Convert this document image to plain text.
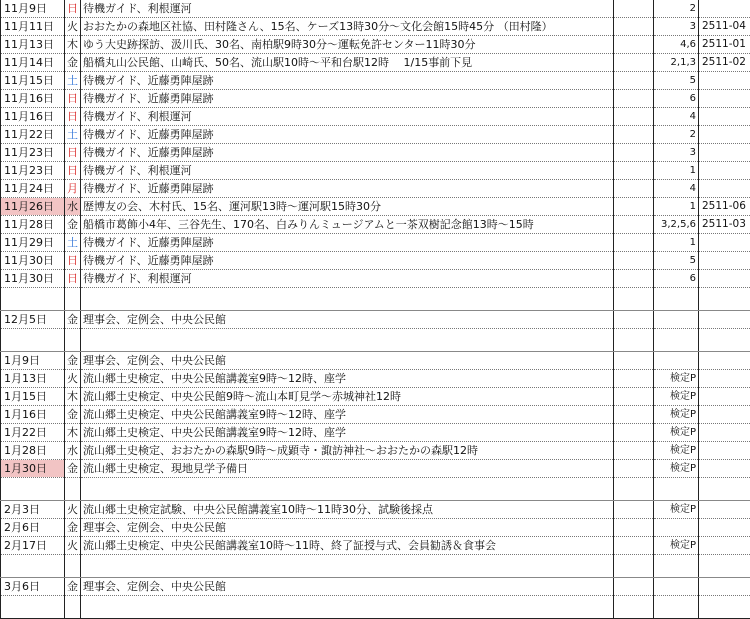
11月9日	日	待機ガイド、利根運河		2	
11月11日	火	おおたかの森地区社協、田村隆さん、15名、ケーズ13時30分～文化会館15時45分 （田村隆）		3	2511-04
11月13日	木	ゆう大史跡探訪、汲川氏、30名、南柏駅9時30分～運転免許センター11時30分		4,6	2511-01
11月14日	金	船橋丸山公民館、山崎氏、50名、流山駅10時～平和台駅12時　 1/15事前下見		2,1,3	2511-02
11月15日	土	待機ガイド、近藤勇陣屋跡		5	
11月16日	日	待機ガイド、近藤勇陣屋跡		6	
11月16日	日	待機ガイド、利根運河		4	
11月22日	土	待機ガイド、近藤勇陣屋跡		2	
11月23日	日	待機ガイド、近藤勇陣屋跡		3	
11月23日	日	待機ガイド、利根運河		1	
11月24日	月	待機ガイド、近藤勇陣屋跡		4	
11月26日	水	歴博友の会、木村氏、15名、運河駅13時～運河駅15時30分		1	2511-06
11月28日	金	船橋市葛飾小4年、三谷先生、170名、白みりんミュージアムと一茶双樹記念館13時～15時		3,2,5,6	2511-03
11月29日	土	待機ガイド、近藤勇陣屋跡		1	
11月30日	日	待機ガイド、近藤勇陣屋跡		5	
11月30日	日	待機ガイド、利根運河		6	

12月5日	金	理事会、定例会、中央公民館			

1月9日	金	理事会、定例会、中央公民館			
1月13日	火	流山郷土史検定、中央公民館講義室9時～12時、座学		検定P	
1月15日	木	流山郷土史検定、中央公民館9時～流山本町見学～赤城神社12時		検定P	
1月16日	金	流山郷土史検定、中央公民館講義室9時～12時、座学		検定P	
1月22日	木	流山郷土史検定、中央公民館講義室9時～12時、座学		検定P	
1月28日	水	流山郷土史検定、おおたかの森駅9時～成顕寺・諏訪神社～おおたかの森駅12時		検定P	
1月30日	金	流山郷土史検定、現地見学予備日		検定P	

2月3日	火	流山郷土史検定試験、中央公民館講義室10時～11時30分、試験後採点		検定P	
2月6日	金	理事会、定例会、中央公民館			
2月17日	火	流山郷土史検定、中央公民館講義室10時～11時、終了証授与式、会員勧誘＆食事会		検定P	

3月6日	金	理事会、定例会、中央公民館			
